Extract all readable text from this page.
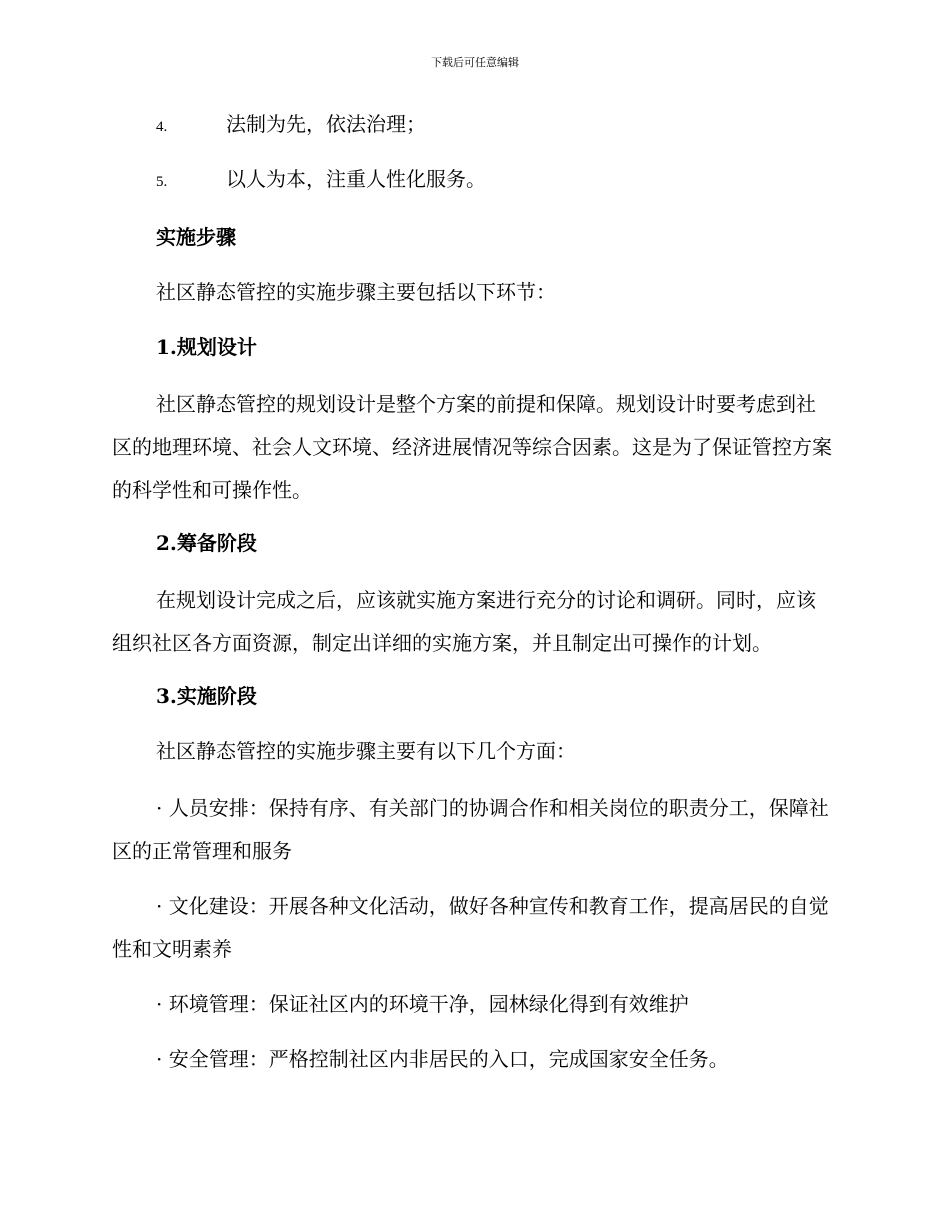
下载后可任意编辑
4.	法制为先，依法治理；
5.	以人为本，注重人性化服务。
实施步骤
社区静态管控的实施步骤主要包括以下环节：
1.规划设计

社区静态管控的规划设计是整个方案的前提和保障。规划设计时要考虑到社区的地理环境、社会人文环境、经济进展情况等综合因素。这是为了保证管控方案的科学性和可操作性。

2.筹备阶段

在规划设计完成之后，应该就实施方案进行充分的讨论和调研。同时，应该组织社区各方面资源，制定出详细的实施方案，并且制定出可操作的计划。

3.实施阶段
社区静态管控的实施步骤主要有以下几个方面：

· 人员安排：保持有序、有关部门的协调合作和相关岗位的职责分工，保障社区的正常管理和服务

· 文化建设：开展各种文化活动，做好各种宣传和教育工作，提高居民的自觉性和文明素养

· 环境管理：保证社区内的环境干净，园林绿化得到有效维护

· 安全管理：严格控制社区内非居民的入口，完成国家安全任务。
